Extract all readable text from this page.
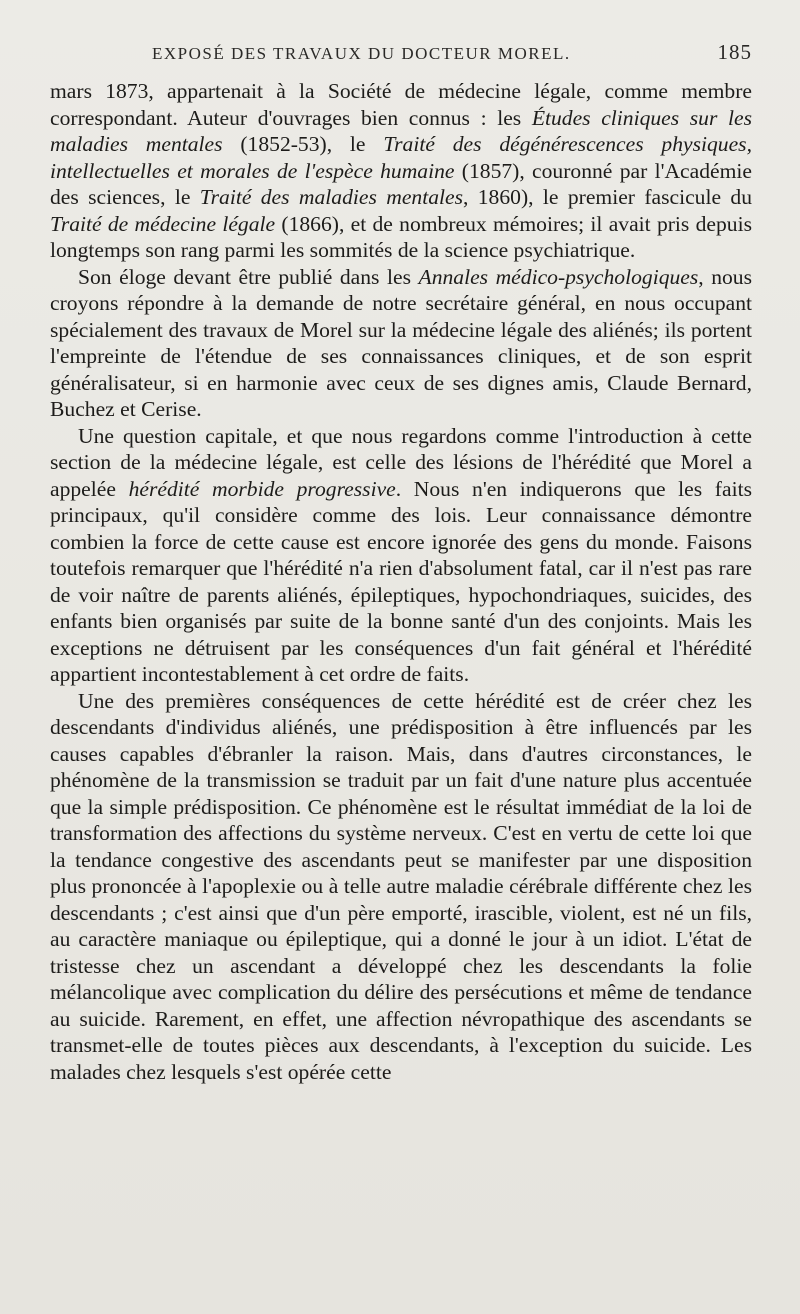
EXPOSÉ DES TRAVAUX DU DOCTEUR MOREL.	185

mars 1873, appartenait à la Société de médecine légale, comme membre correspondant. Auteur d'ouvrages bien connus : les Études cliniques sur les maladies mentales (1852-53), le Traité des dégénérescences physiques, intellectuelles et morales de l'espèce humaine (1857), couronné par l'Académie des sciences, le Traité des maladies mentales, 1860), le premier fascicule du Traité de médecine légale (1866), et de nombreux mémoires; il avait pris depuis longtemps son rang parmi les sommités de la science psychiatrique.

Son éloge devant être publié dans les Annales médico-psychologiques, nous croyons répondre à la demande de notre secrétaire général, en nous occupant spécialement des travaux de Morel sur la médecine légale des aliénés; ils portent l'empreinte de l'étendue de ses connaissances cliniques, et de son esprit généralisateur, si en harmonie avec ceux de ses dignes amis, Claude Bernard, Buchez et Cerise.

Une question capitale, et que nous regardons comme l'introduction à cette section de la médecine légale, est celle des lésions de l'hérédité que Morel a appelée hérédité morbide progressive. Nous n'en indiquerons que les faits principaux, qu'il considère comme des lois. Leur connaissance démontre combien la force de cette cause est encore ignorée des gens du monde. Faisons toutefois remarquer que l'hérédité n'a rien d'absolument fatal, car il n'est pas rare de voir naître de parents aliénés, épileptiques, hypochondriaques, suicides, des enfants bien organisés par suite de la bonne santé d'un des conjoints. Mais les exceptions ne détruisent par les conséquences d'un fait général et l'hérédité appartient incontestablement à cet ordre de faits.

Une des premières conséquences de cette hérédité est de créer chez les descendants d'individus aliénés, une prédisposition à être influencés par les causes capables d'ébranler la raison. Mais, dans d'autres circonstances, le phénomène de la transmission se traduit par un fait d'une nature plus accentuée que la simple prédisposition. Ce phénomène est le résultat immédiat de la loi de transformation des affections du système nerveux. C'est en vertu de cette loi que la tendance congestive des ascendants peut se manifester par une disposition plus prononcée à l'apoplexie ou à telle autre maladie cérébrale différente chez les descendants ; c'est ainsi que d'un père emporté, irascible, violent, est né un fils, au caractère maniaque ou épileptique, qui a donné le jour à un idiot. L'état de tristesse chez un ascendant a développé chez les descendants la folie mélancolique avec complication du délire des persécutions et même de tendance au suicide. Rarement, en effet, une affection névropathique des ascendants se transmet-elle de toutes pièces aux descendants, à l'exception du suicide. Les malades chez lesquels s'est opérée cette
